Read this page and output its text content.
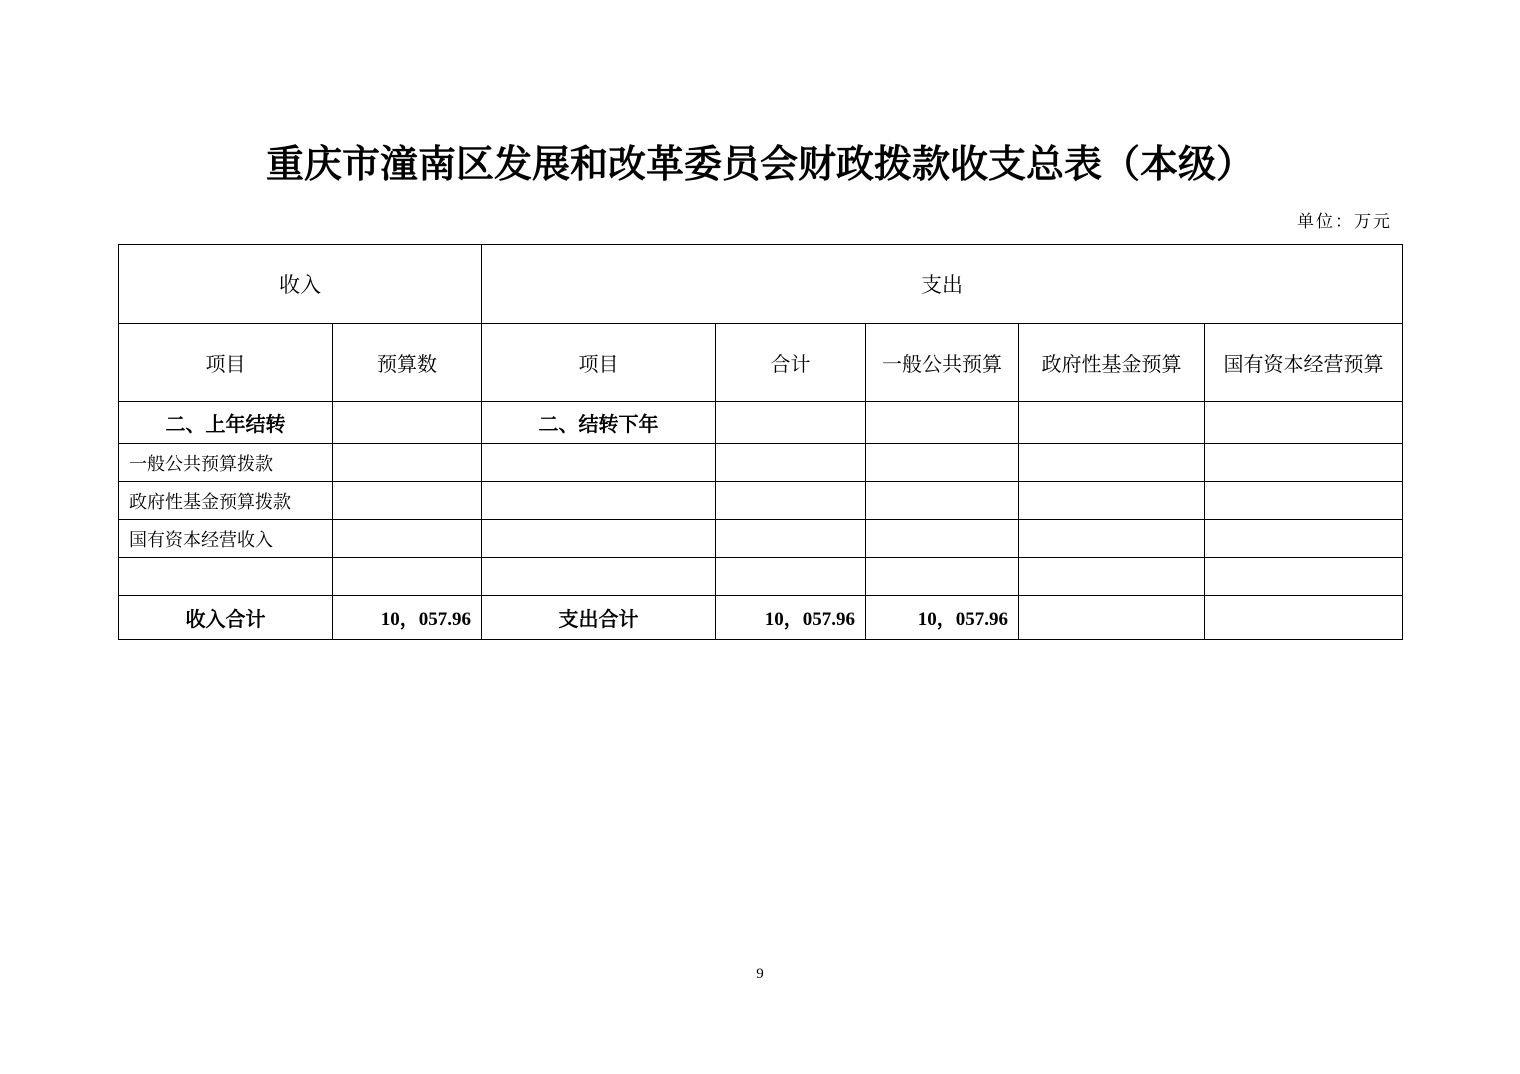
重庆市潼南区发展和改革委员会财政拨款收支总表（本级）
单位：万元
收入		支出				
项目	预算数	项目	合计	一般公共预算	政府性基金预算	国有资本经营预算
二、上年结转		二、结转下年				
一般公共预算拨款						
政府性基金预算拨款						
国有资本经营收入						

收入合计	10，057.96	支出合计	10，057.96	10，057.96		
9
